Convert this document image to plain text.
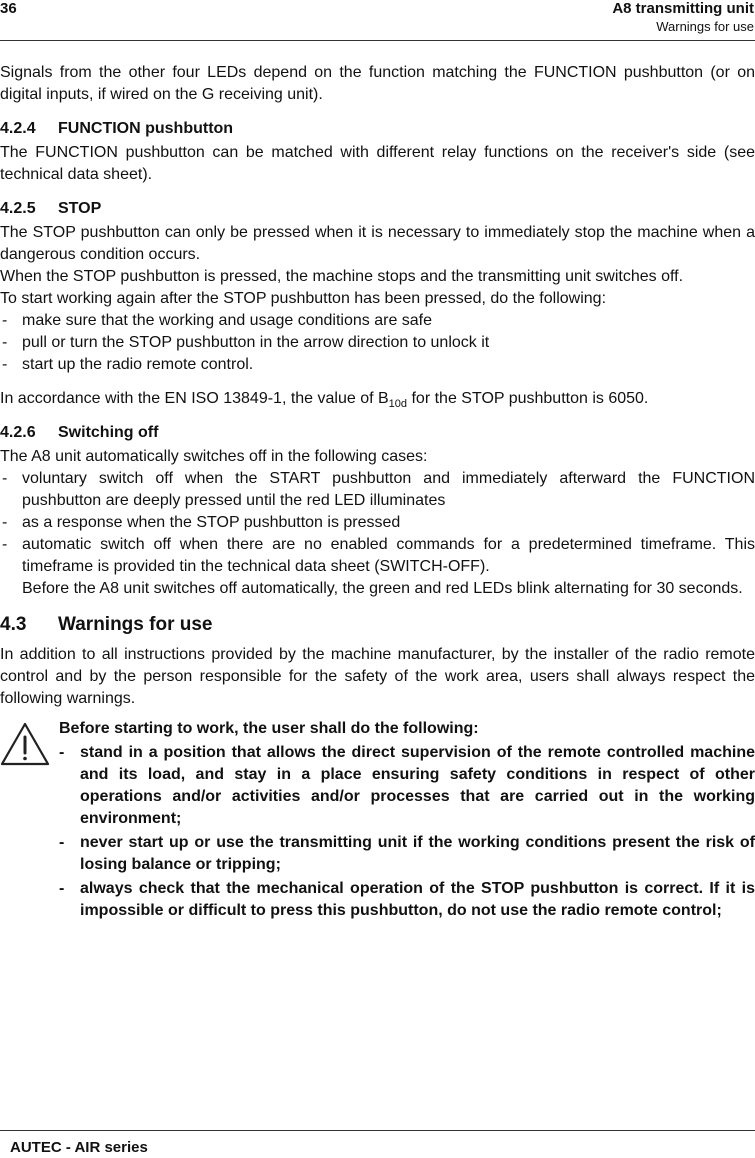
36	A8 transmitting unit
Warnings for use

Signals from the other four LEDs depend on the function matching the FUNCTION pushbutton (or on digital inputs, if wired on the G receiving unit).

4.2.4 FUNCTION pushbutton

The FUNCTION pushbutton can be matched with different relay functions on the receiver's side (see technical data sheet).

4.2.5 STOP

The STOP pushbutton can only be pressed when it is necessary to immediately stop the machine when a dangerous condition occurs.

When the STOP pushbutton is pressed, the machine stops and the transmitting unit switches off.

To start working again after the STOP pushbutton has been pressed, do the following:

- make sure that the working and usage conditions are safe
- pull or turn the STOP pushbutton in the arrow direction to unlock it
- start up the radio remote control.

In accordance with the EN ISO 13849-1, the value of $B_{10d}$ for the STOP pushbutton is 6050.

4.2.6 Switching off

The A8 unit automatically switches off in the following cases:

- voluntary switch off when the START pushbutton and immediately afterward the FUNCTION pushbutton are deeply pressed until the red LED illuminates
- as a response when the STOP pushbutton is pressed
- automatic switch off when there are no enabled commands for a predetermined timeframe. This timeframe is provided tin the technical data sheet (SWITCH-OFF).
Before the A8 unit switches off automatically, the green and red LEDs blink alternating for 30 seconds.
4.3 Warnings for use

In addition to all instructions provided by the machine manufacturer, by the installer of the radio remote control and by the person responsible for the safety of the work area, users shall always respect the following warnings.

Before starting to work, the user shall do the following:

- stand in a position that allows the direct supervision of the remote controlled machine and its load, and stay in a place ensuring safety conditions in respect of other operations and/or activities and/or processes that are carried out in the working environment;
- never start up or use the transmitting unit if the working conditions present the risk of losing balance or tripping;
- always check that the mechanical operation of the STOP pushbutton is correct. If it is impossible or difficult to press this pushbutton, do not use the radio remote control;
AUTEC - AIR series
